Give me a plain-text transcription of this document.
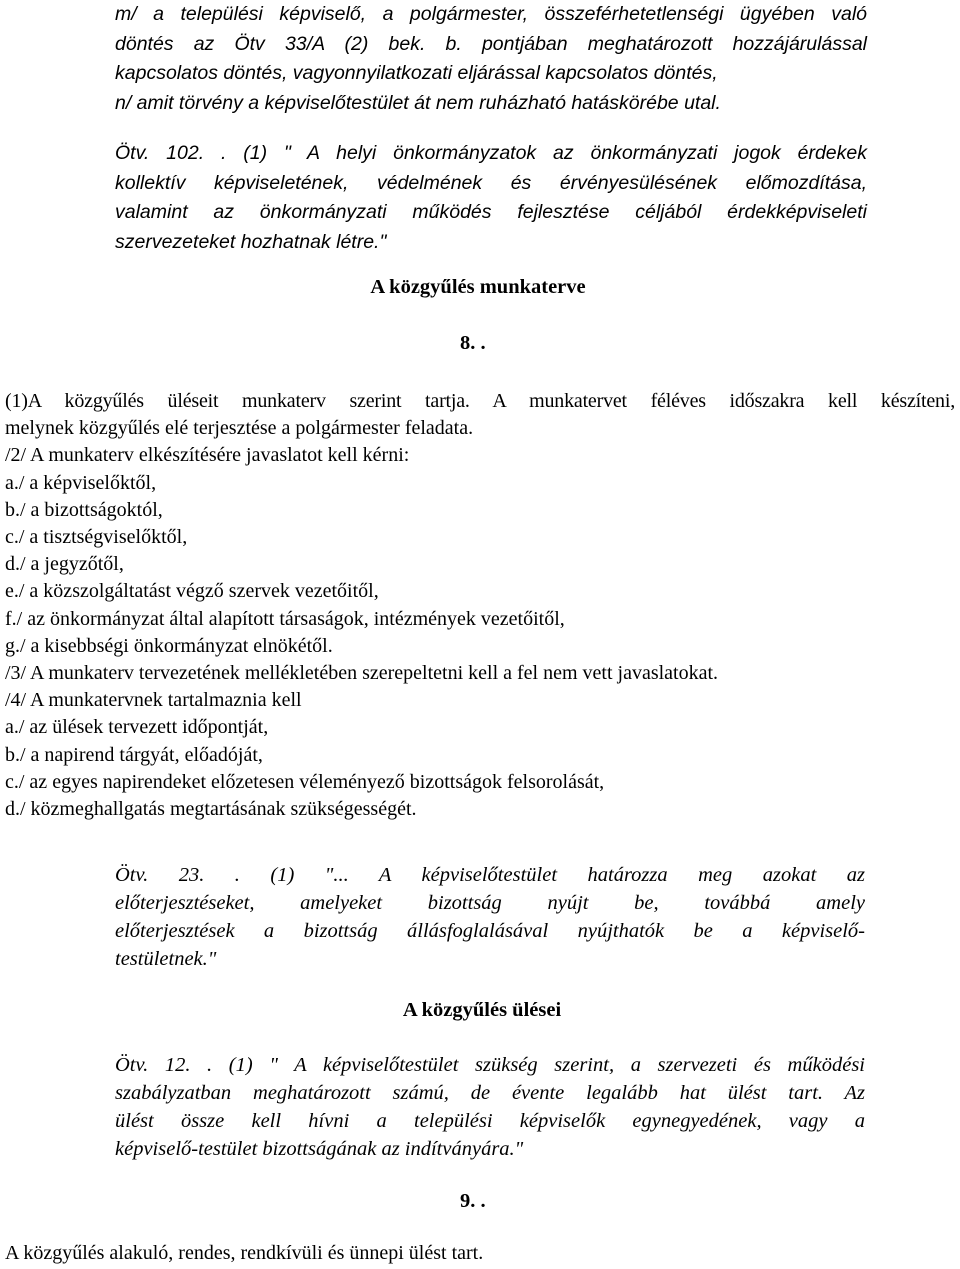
m/ a települési képviselő, a polgármester, összeférhetetlenségi ügyében való
döntés az Ötv 33/A (2) bek. b. pontjában meghatározott hozzájárulással
kapcsolatos döntés, vagyonnyilatkozati eljárással kapcsolatos döntés,
n/ amit törvény a képviselőtestület át nem ruházható hatáskörébe utal.
Ötv. 102. . (1) " A helyi önkormányzatok az önkormányzati jogok érdekek
kollektív képviseletének, védelmének és érvényesülésének előmozdítása,
valamint az önkormányzati működés fejlesztése céljából érdekképviseleti
szervezeteket hozhatnak létre."
A közgyűlés munkaterve
8. .
(1)A közgyűlés üléseit munkaterv szerint tartja. A munkatervet féléves időszakra kell készíteni,
melynek közgyűlés elé terjesztése a polgármester feladata.
/2/ A munkaterv elkészítésére javaslatot kell kérni:
a./ a képviselőktől,
b./ a bizottságoktól,
c./ a tisztségviselőktől,
d./ a jegyzőtől,
e./ a közszolgáltatást végző szervek vezetőitől,
f./ az önkormányzat által alapított társaságok, intézmények vezetőitől,
g./ a kisebbségi önkormányzat elnökétől.
/3/ A munkaterv tervezetének mellékletében szerepeltetni kell a fel nem vett javaslatokat.
/4/ A munkatervnek tartalmaznia kell
a./ az ülések tervezett időpontját,
b./ a napirend tárgyát, előadóját,
c./ az egyes napirendeket előzetesen véleményező bizottságok felsorolását,
d./ közmeghallgatás megtartásának szükségességét.
Ötv. 23. . (1) "... A képviselőtestület határozza meg azokat az
előterjesztéseket, amelyeket bizottság nyújt be, továbbá amely
előterjesztések a bizottság állásfoglalásával nyújthatók be a képviselő-
testületnek."
A közgyűlés ülései
Ötv. 12. . (1) " A képviselőtestület szükség szerint, a szervezeti és működési
szabályzatban meghatározott számú, de évente legalább hat ülést tart. Az
ülést össze kell hívni a települési képviselők egynegyedének, vagy a
képviselő-testület bizottságának az indítványára."
9. .
A közgyűlés alakuló, rendes, rendkívüli és ünnepi ülést tart.
